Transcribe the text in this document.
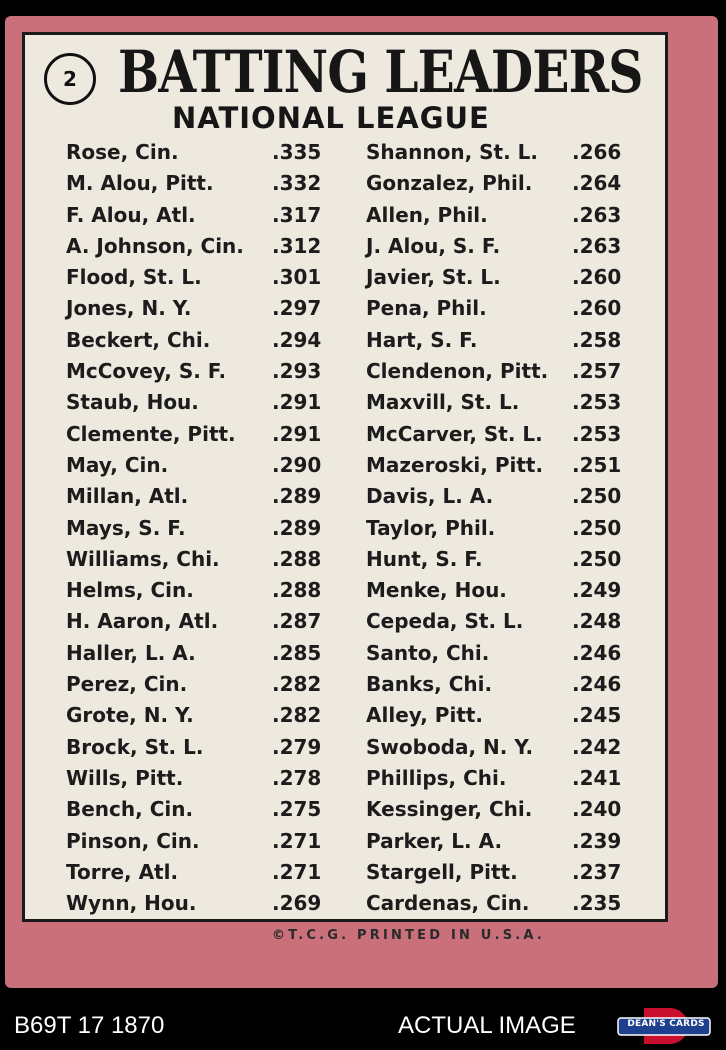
2 BATTING LEADERS
NATIONAL LEAGUE
Rose, Cin.	.335
M. Alou, Pitt.	.332
F. Alou, Atl.	.317
A. Johnson, Cin. .312
Flood, St. L.	.301
Jones, N. Y.	.297
Beckert, Chi.	.294
McCovey, S. F. .293
Staub, Hou.	.291
Clemente, Pitt. .291
May, Cin.	.290
Millan, Atl.	.289
Mays, S. F.	.289
Williams, Chi.	.288
Helms, Cin.	.288
H. Aaron, Atl.	.287
Haller, L. A.	.285
Perez, Cin.	.282
Grote, N. Y.	.282
Brock, St. L.	.279
Wills, Pitt.	.278
Bench, Cin.	.275
Pinson, Cin.	.271
Torre, Atl.	.271
Wynn, Hou.	.269
Shannon, St. L. .266
Gonzalez, Phil. .264
Allen, Phil.	.263
J. Alou, S. F.	.263
Javier, St. L.	.260
Pena, Phil.	.260
Hart, S. F.	.258
Clendenon, Pitt. .257
Maxvill, St. L.	.253
McCarver, St. L. .253
Mazeroski, Pitt. .251
Davis, L. A.	.250
Taylor, Phil.	.250
Hunt, S. F.	.250
Menke, Hou.	.249
Cepeda, St. L. .248
Santo, Chi.	.246
Banks, Chi.	.246
Alley, Pitt.	.245
Swoboda, N. Y. .242
Phillips, Chi.	.241
Kessinger, Chi. .240
Parker, L. A.	.239
Stargell, Pitt.	.237
Cardenas, Cin. .235
©T.C.G. PRINTED IN U.S.A.
B69T 17 1870	ACTUAL IMAGE	DEAN'S CARDS
